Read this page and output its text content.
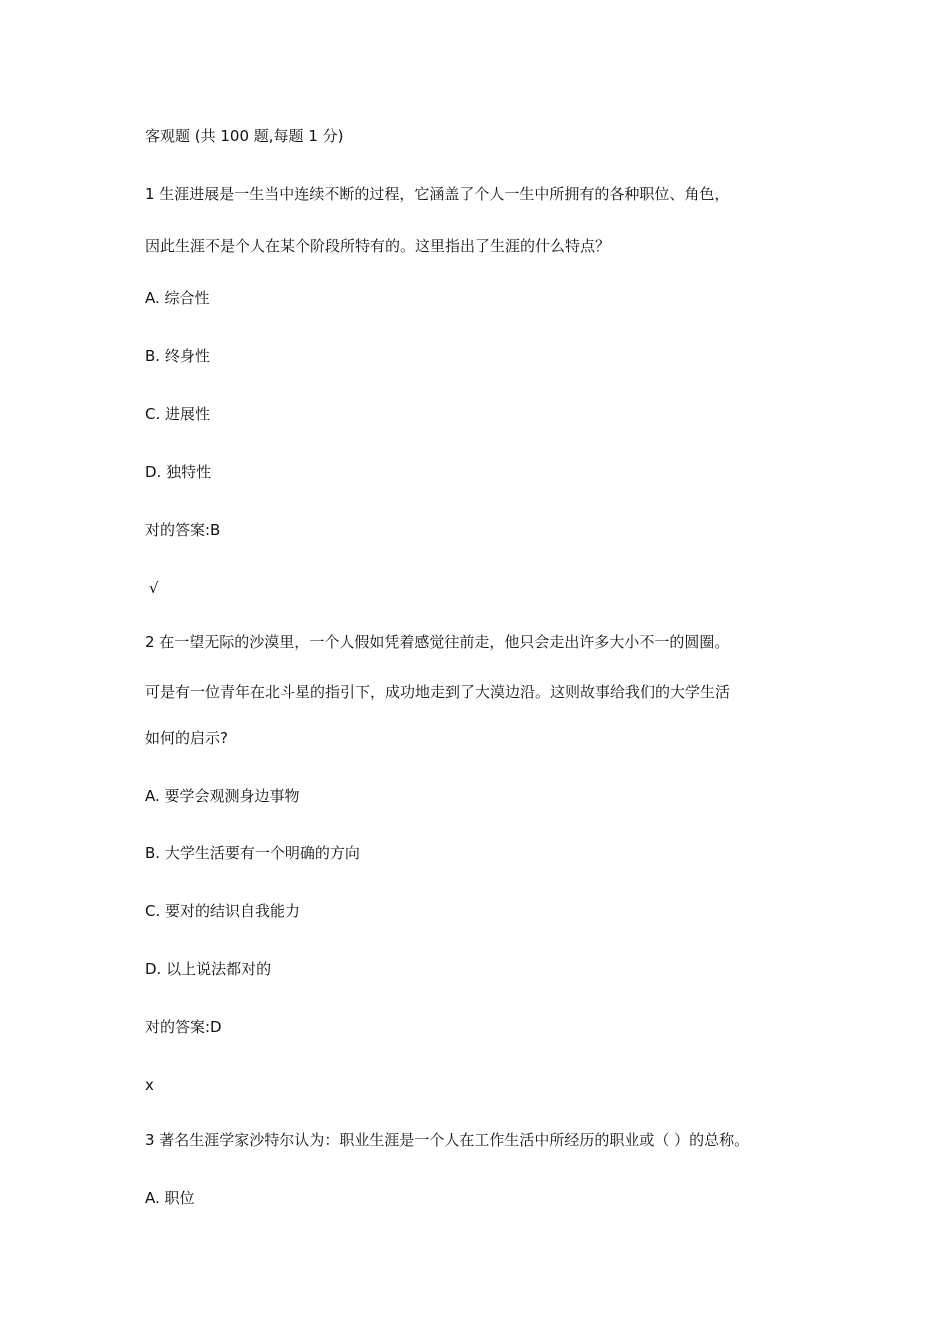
客观题 (共 100 题,每题 1 分)
1 生涯进展是一生当中连续不断的过程，它涵盖了个人一生中所拥有的各种职位、角色，
因此生涯不是个人在某个阶段所特有的。这里指出了生涯的什么特点？
A. 综合性
B. 终身性
C. 进展性
D. 独特性
对的答案:B
√
2 在一望无际的沙漠里，一个人假如凭着感觉往前走，他只会走出许多大小不一的圆圈。
可是有一位青年在北斗星的指引下，成功地走到了大漠边沿。这则故事给我们的大学生活
如何的启示?
A. 要学会观测身边事物
B. 大学生活要有一个明确的方向
C. 要对的结识自我能力
D. 以上说法都对的
对的答案:D
x
3 著名生涯学家沙特尔认为：职业生涯是一个人在工作生活中所经历的职业或（ ）的总称。
A. 职位
